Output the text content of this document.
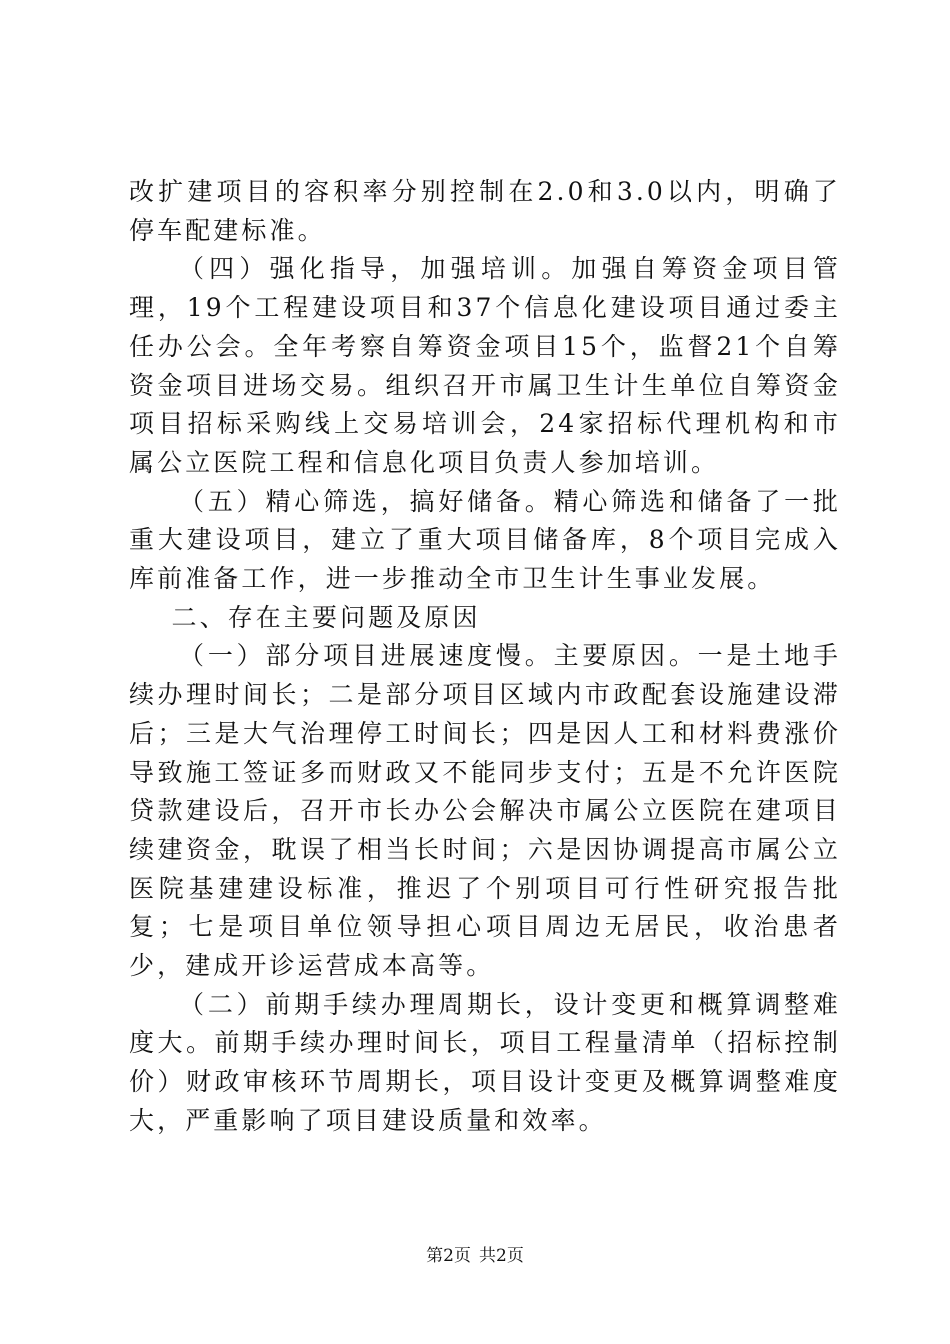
改扩建项目的容积率分别控制在2.0和3.0以内，明确了停车配建标准。

（四）强化指导，加强培训。加强自筹资金项目管理，19个工程建设项目和37个信息化建设项目通过委主任办公会。全年考察自筹资金项目15个，监督21个自筹资金项目进场交易。组织召开市属卫生计生单位自筹资金项目招标采购线上交易培训会，24家招标代理机构和市属公立医院工程和信息化项目负责人参加培训。

（五）精心筛选，搞好储备。精心筛选和储备了一批重大建设项目，建立了重大项目储备库，8个项目完成入库前准备工作，进一步推动全市卫生计生事业发展。

二、存在主要问题及原因

（一）部分项目进展速度慢。主要原因。一是土地手续办理时间长；二是部分项目区域内市政配套设施建设滞后；三是大气治理停工时间长；四是因人工和材料费涨价导致施工签证多而财政又不能同步支付；五是不允许医院贷款建设后，召开市长办公会解决市属公立医院在建项目续建资金，耽误了相当长时间；六是因协调提高市属公立医院基建建设标准，推迟了个别项目可行性研究报告批复；七是项目单位领导担心项目周边无居民，收治患者少，建成开诊运营成本高等。

（二）前期手续办理周期长，设计变更和概算调整难度大。前期手续办理时间长，项目工程量清单（招标控制价）财政审核环节周期长，项目设计变更及概算调整难度大，严重影响了项目建设质量和效率。

第2页 共2页
